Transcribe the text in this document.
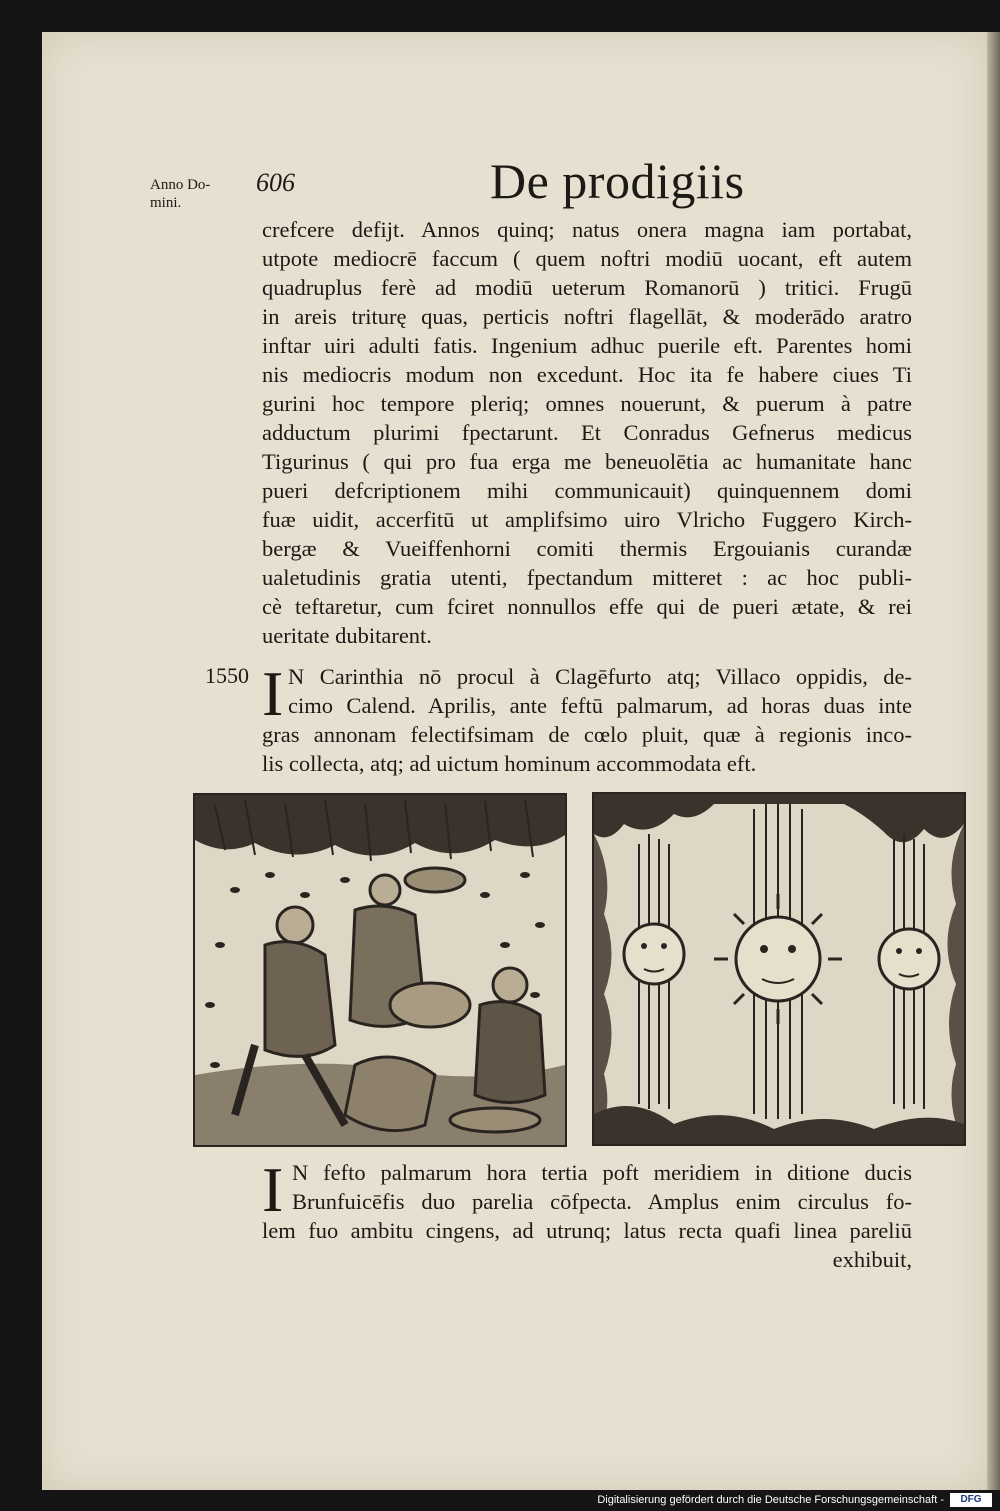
Anno Do-
mini.
606	De prodigiis
crefcere defijt. Annos quinq; natus onera magna iam portabat,
utpote mediocrē faccum ( quem noftri modiū uocant, eft autem
quadruplus ferè ad modiū ueterum Romanorū ) tritici. Frugū
in areis triturę quas, perticis noftri flagellāt, & moderādo aratro
inftar uiri adulti fatis. Ingenium adhuc puerile eft. Parentes homi
nis mediocris modum non excedunt. Hoc ita fe habere ciues Ti
gurini hoc tempore pleriq; omnes nouerunt, & puerum à patre
adductum plurimi fpectarunt. Et Conradus Gefnerus medicus
Tigurinus ( qui pro fua erga me beneuolētia ac humanitate hanc
pueri defcriptionem mihi communicauit) quinquennem domi
fuæ uidit, accerfitū ut amplifsimo uiro Vlricho Fuggero Kirch-
bergæ & Vueiffenhorni comiti thermis Ergouianis curandæ
ualetudinis gratia utenti, fpectandum mitteret : ac hoc publi-
cè teftaretur, cum fciret nonnullos effe qui de pueri ætate, & rei
ueritate dubitarent.
1550 I N Carinthia nō procul à Clagēfurto atq; Villaco oppidis, de-
cimo Calend. Aprilis, ante feftū palmarum, ad horas duas inte
gras annonam felectifsimam de cœlo pluit, quæ à regionis inco-
lis collecta, atq; ad uictum hominum accommodata eft.
I N fefto palmarum hora tertia poft meridiem in ditione ducis
Brunfuicēfis duo parelia cōfpecta. Amplus enim circulus fo-
lem fuo ambitu cingens, ad utrunq; latus recta quafi linea pareliū
exhibuit,
Digitalisierung gefördert durch die Deutsche Forschungsgemeinschaft -	DFG
